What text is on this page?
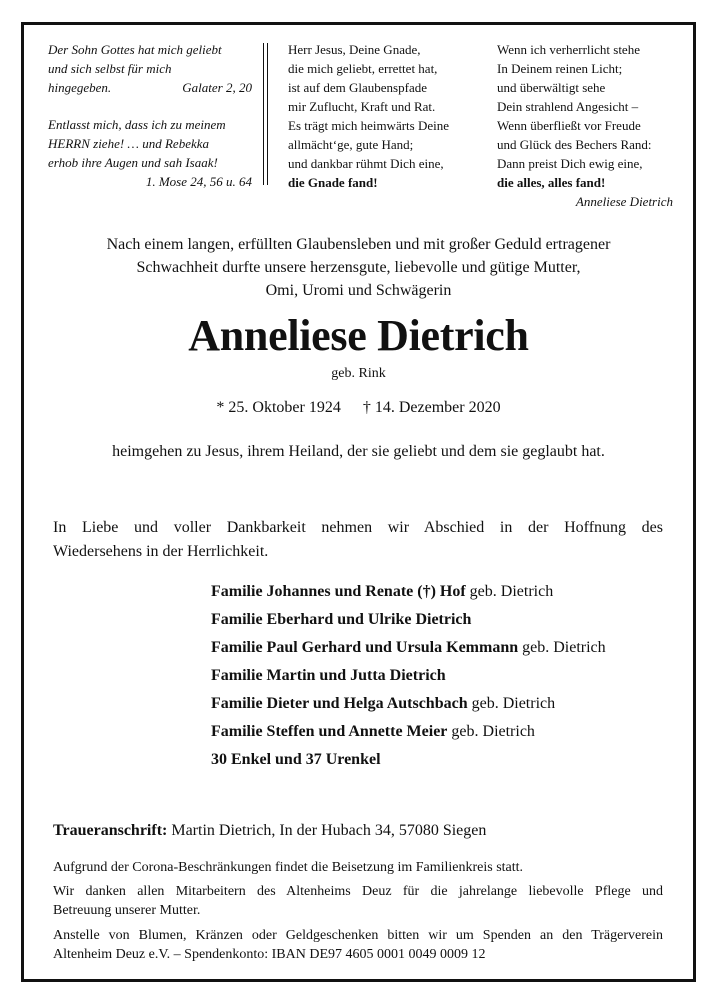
Der Sohn Gottes hat mich geliebt
und sich selbst für mich
hingegeben.	Galater 2, 20
Entlasst mich, dass ich zu meinem
HERRN ziehe! … und Rebekka
erhob ihre Augen und sah Isaak!
1. Mose 24, 56 u. 64
Herr Jesus, Deine Gnade,
die mich geliebt, errettet hat,
ist auf dem Glaubenspfade
mir Zuflucht, Kraft und Rat.
Es trägt mich heimwärts Deine
allmächt‘ge, gute Hand;
und dankbar rühmt Dich eine,
die Gnade fand!
Wenn ich verherrlicht stehe
In Deinem reinen Licht;
und überwältigt sehe
Dein strahlend Angesicht –
Wenn überfließt vor Freude
und Glück des Bechers Rand:
Dann preist Dich ewig eine,
die alles, alles fand!
Anneliese Dietrich
Nach einem langen, erfüllten Glaubensleben und mit großer Geduld ertragener
Schwachheit durfte unsere herzensgute, liebevolle und gütige Mutter,
Omi, Uromi und Schwägerin
Anneliese Dietrich
geb. Rink
* 25. Oktober 1924 † 14. Dezember 2020
heimgehen zu Jesus, ihrem Heiland, der sie geliebt und dem sie geglaubt hat.
In Liebe und voller Dankbarkeit nehmen wir Abschied in der Hoffnung des
Wiedersehens in der Herrlichkeit.
Familie Johannes und Renate (†) Hof geb. Dietrich
Familie Eberhard und Ulrike Dietrich
Familie Paul Gerhard und Ursula Kemmann geb. Dietrich
Familie Martin und Jutta Dietrich
Familie Dieter und Helga Autschbach geb. Dietrich
Familie Steffen und Annette Meier geb. Dietrich
30 Enkel und 37 Urenkel
Traueranschrift: Martin Dietrich, In der Hubach 34, 57080 Siegen
Aufgrund der Corona-Beschränkungen findet die Beisetzung im Familienkreis statt.
Wir danken allen Mitarbeitern des Altenheims Deuz für die jahrelange liebevolle Pflege und
Betreuung unserer Mutter.
Anstelle von Blumen, Kränzen oder Geldgeschenken bitten wir um Spenden an den Trägerverein
Altenheim Deuz e.V. – Spendenkonto: IBAN DE97 4605 0001 0049 0009 12
